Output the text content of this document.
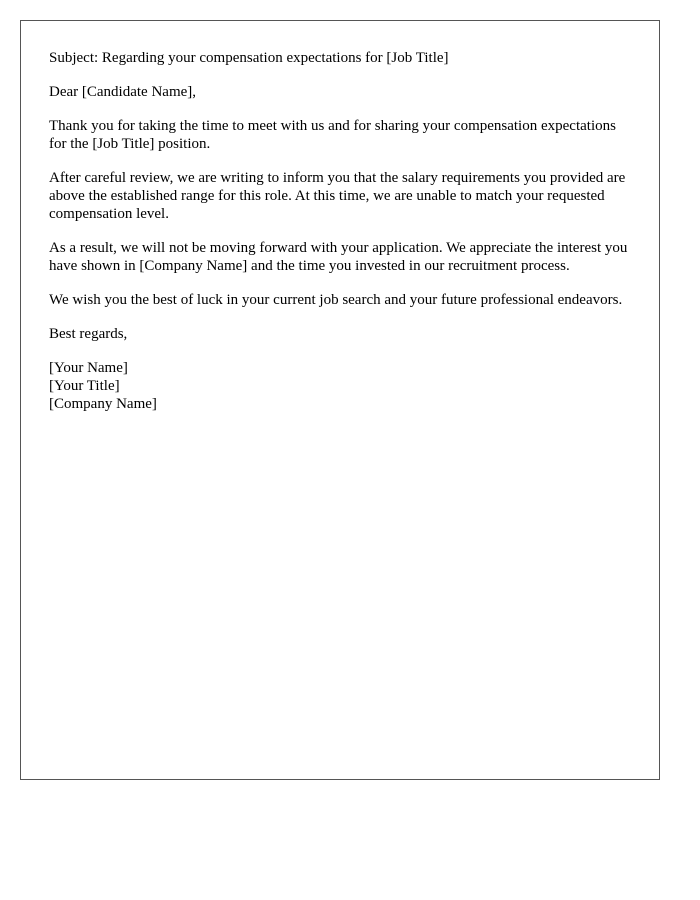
Subject: Regarding your compensation expectations for [Job Title]

Dear [Candidate Name],

Thank you for taking the time to meet with us and for sharing your compensation expectations for the [Job Title] position.

After careful review, we are writing to inform you that the salary requirements you provided are above the established range for this role. At this time, we are unable to match your requested compensation level.

As a result, we will not be moving forward with your application. We appreciate the interest you have shown in [Company Name] and the time you invested in our recruitment process.

We wish you the best of luck in your current job search and your future professional endeavors.

Best regards,

[Your Name]
[Your Title]
[Company Name]
